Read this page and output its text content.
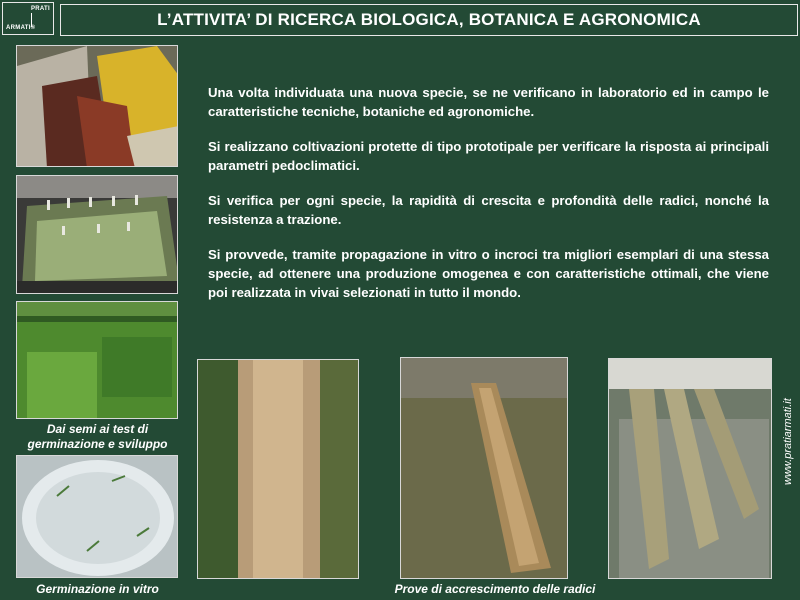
PRATI
ARMATI®	L’ATTIVITA’ DI RICERCA BIOLOGICA, BOTANICA E AGRONOMICA

Una volta individuata una nuova specie, se ne verificano in laboratorio ed in campo le caratteristiche tecniche, botaniche ed agronomiche.

Si realizzano coltivazioni protette di tipo prototipale per verificare la risposta ai principali parametri pedoclimatici.

Si verifica per ogni specie, la rapidità di crescita e profondità delle radici, nonché la resistenza a trazione.

Si provvede, tramite propagazione in vitro o incroci tra migliori esemplari di una stessa specie, ad ottenere una produzione omogenea e con caratteristiche ottimali, che viene poi realizzata in vivai selezionati in tutto il mondo.

Dai semi ai test di germinazione e sviluppo
Germinazione in vitro	Prove di accrescimento delle radici
www.pratiarmati.it
